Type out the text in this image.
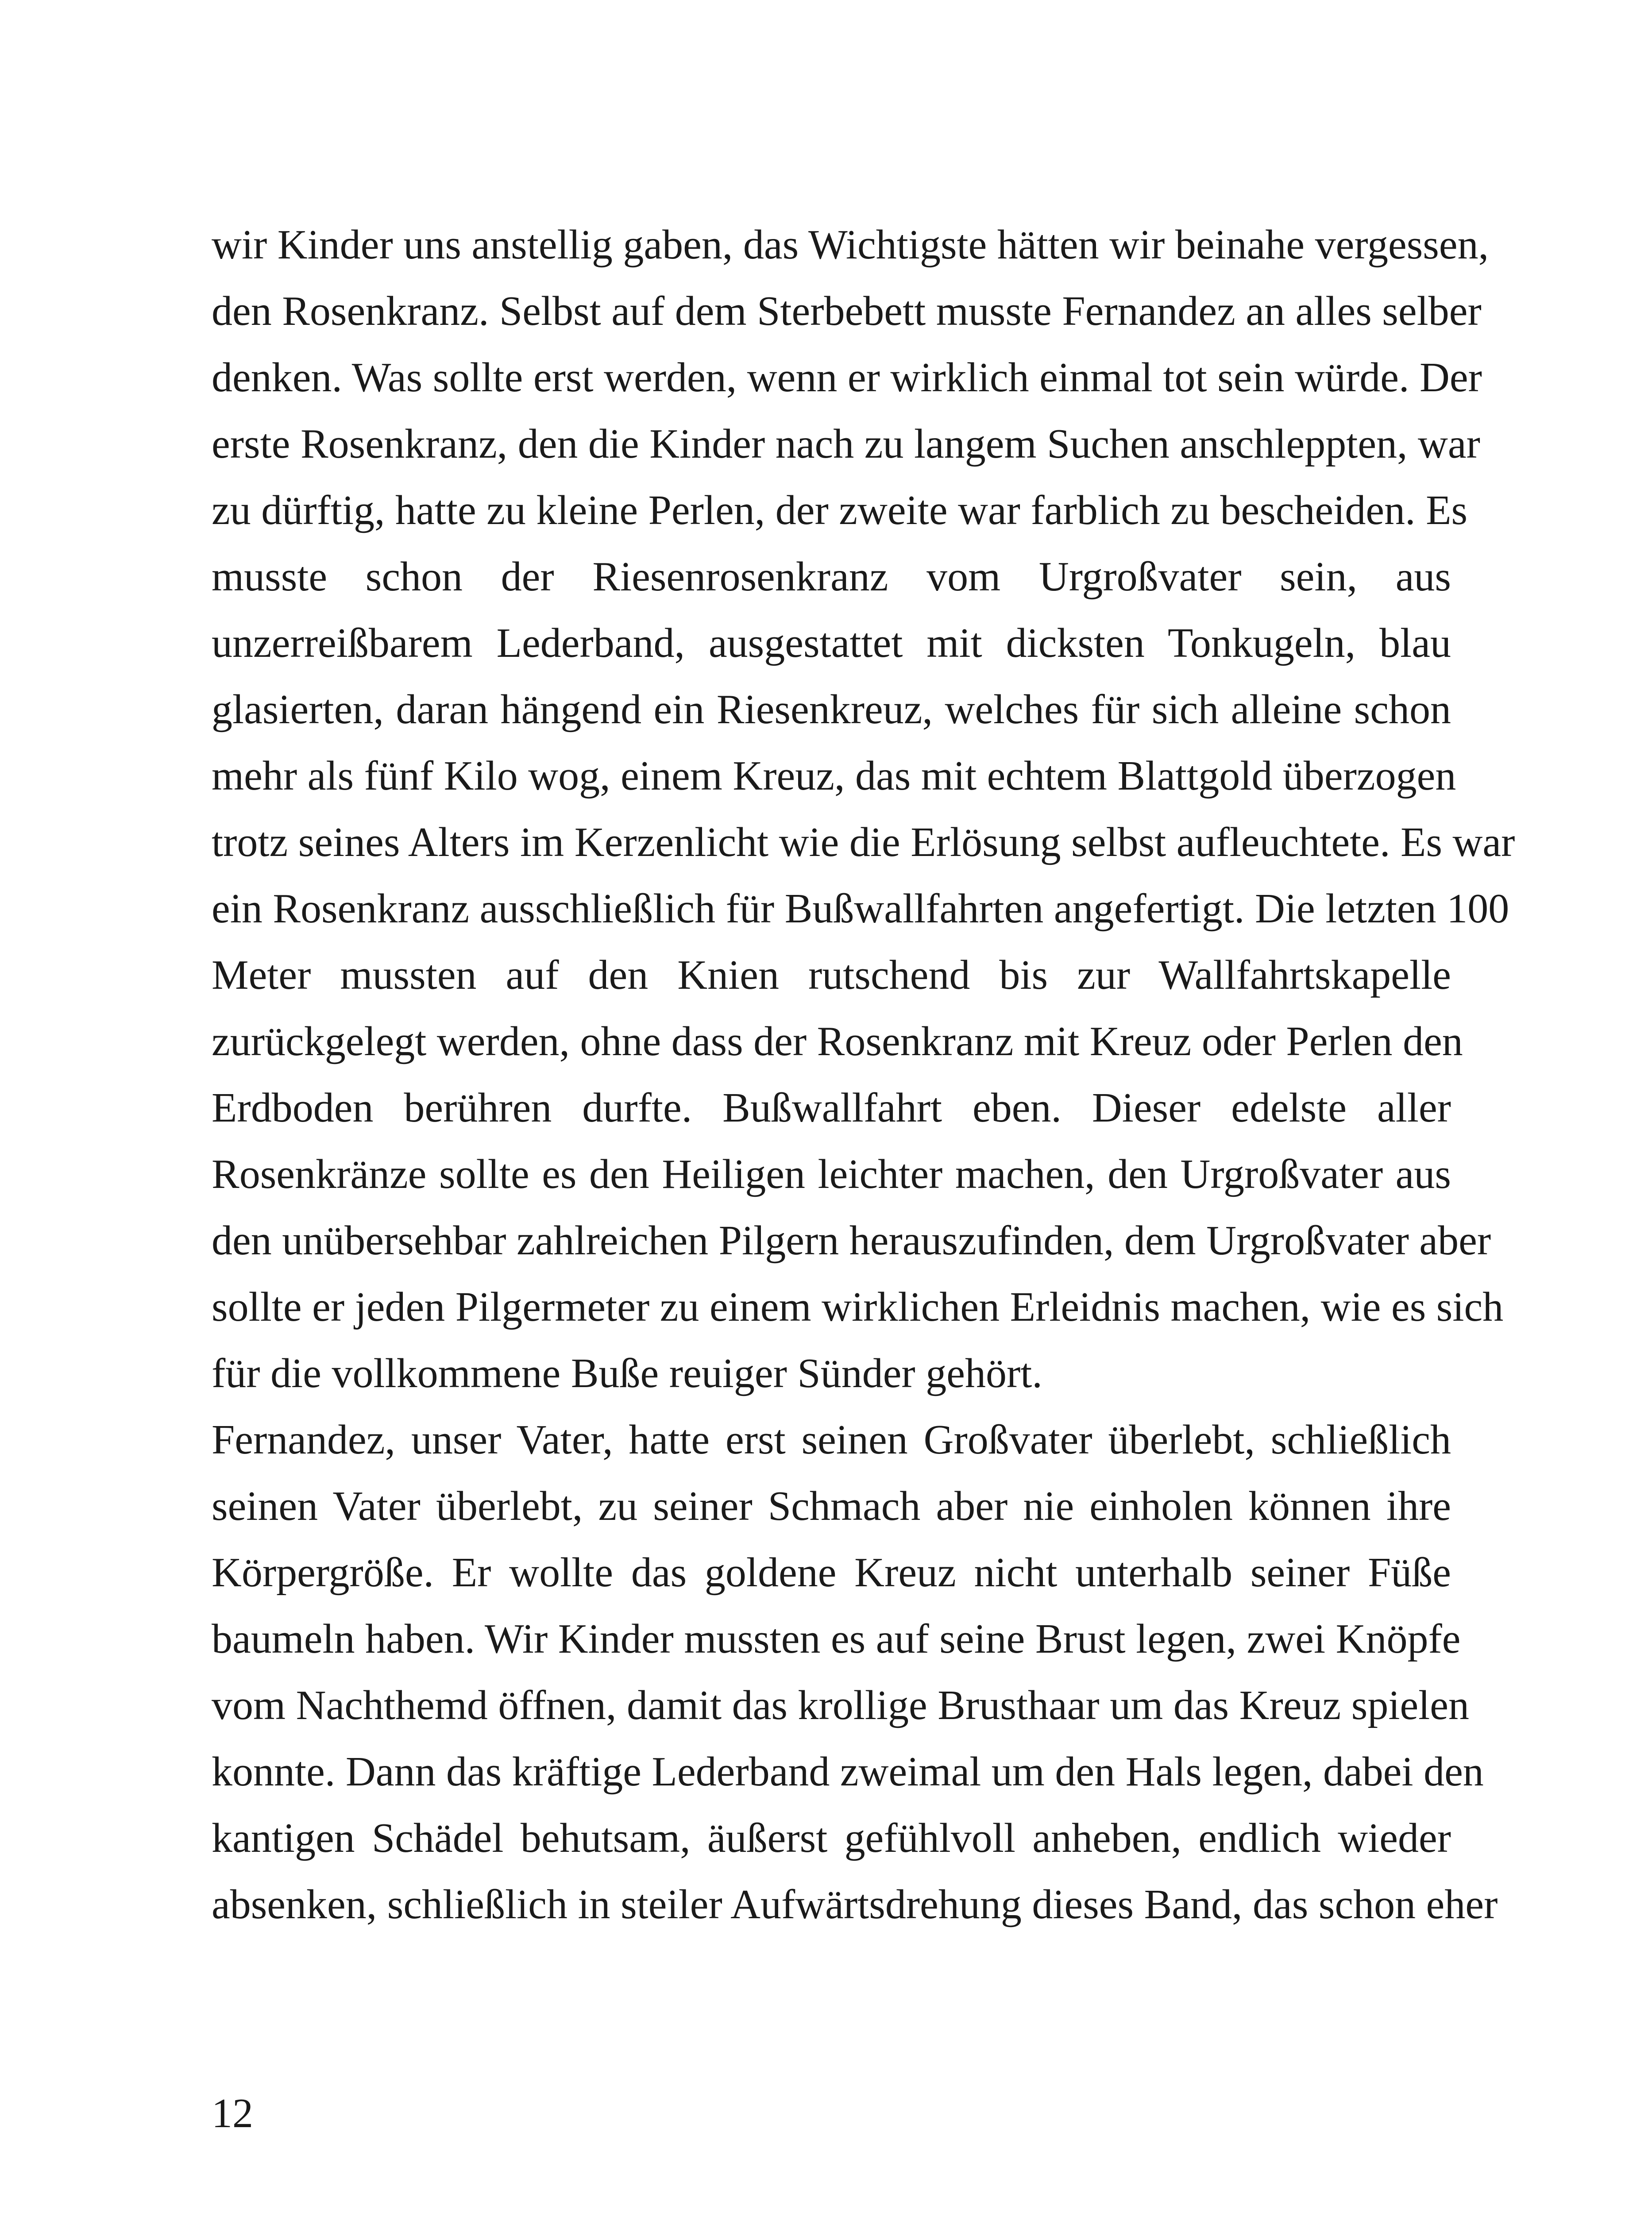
wir Kinder uns anstellig gaben, das Wichtigste hätten wir beinahe vergessen,
den Rosenkranz. Selbst auf dem Sterbebett musste Fernandez an alles selber
denken. Was sollte erst werden, wenn er wirklich einmal tot sein würde. Der
erste Rosenkranz, den die Kinder nach zu langem Suchen anschleppten, war
zu dürftig, hatte zu kleine Perlen, der zweite war farblich zu bescheiden. Es
musste schon der Riesenrosenkranz vom Urgroßvater sein, aus
unzerreißbarem Lederband, ausgestattet mit dicksten Tonkugeln, blau
glasierten, daran hängend ein Riesenkreuz, welches für sich alleine schon
mehr als fünf Kilo wog, einem Kreuz, das mit echtem Blattgold überzogen
trotz seines Alters im Kerzenlicht wie die Erlösung selbst aufleuchtete. Es war
ein Rosenkranz ausschließlich für Bußwallfahrten angefertigt. Die letzten 100
Meter mussten auf den Knien rutschend bis zur Wallfahrtskapelle
zurückgelegt werden, ohne dass der Rosenkranz mit Kreuz oder Perlen den
Erdboden berühren durfte. Bußwallfahrt eben. Dieser edelste aller
Rosenkränze sollte es den Heiligen leichter machen, den Urgroßvater aus
den unübersehbar zahlreichen Pilgern herauszufinden, dem Urgroßvater aber
sollte er jeden Pilgermeter zu einem wirklichen Erleidnis machen, wie es sich
für die vollkommene Buße reuiger Sünder gehört.
Fernandez, unser Vater, hatte erst seinen Großvater überlebt, schließlich
seinen Vater überlebt, zu seiner Schmach aber nie einholen können ihre
Körpergröße. Er wollte das goldene Kreuz nicht unterhalb seiner Füße
baumeln haben. Wir Kinder mussten es auf seine Brust legen, zwei Knöpfe
vom Nachthemd öffnen, damit das krollige Brusthaar um das Kreuz spielen
konnte. Dann das kräftige Lederband zweimal um den Hals legen, dabei den
kantigen Schädel behutsam, äußerst gefühlvoll anheben, endlich wieder
absenken, schließlich in steiler Aufwärtsdrehung dieses Band, das schon eher
12
